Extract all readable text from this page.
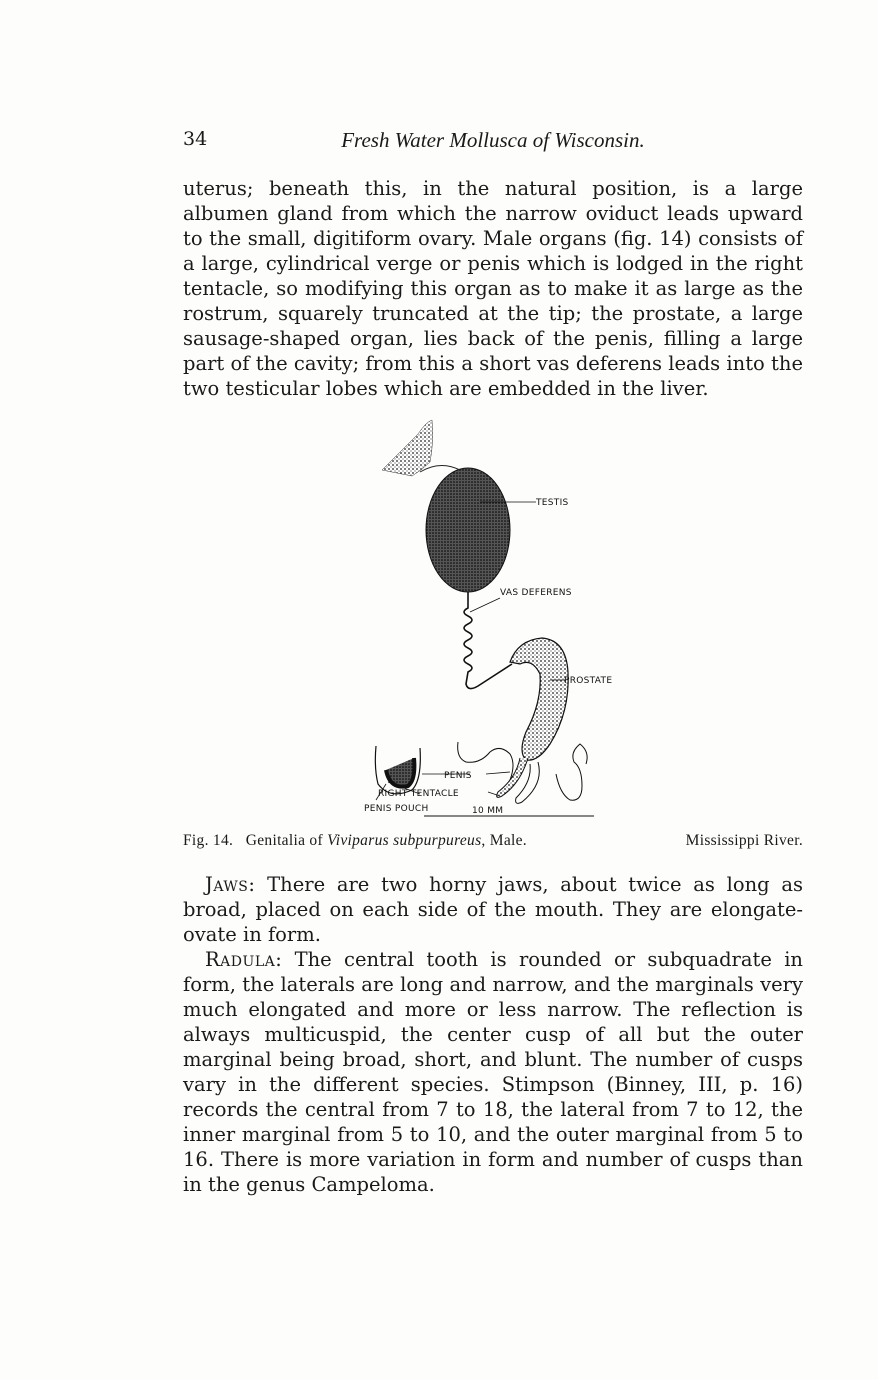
34	Fresh Water Mollusca of Wisconsin.

uterus; beneath this, in the natural position, is a large albumen gland from which the narrow oviduct leads upward to the small, digitiform ovary. Male organs (fig. 14) consists of a large, cylindrical verge or penis which is lodged in the right tentacle, so modifying this organ as to make it as large as the rostrum, squarely truncated at the tip; the prostate, a large sausage-shaped organ, lies back of the penis, filling a large part of the cavity; from this a short vas deferens leads into the two testicular lobes which are embedded in the liver.

TESTIS
VAS DEFERENS
PROSTATE
PENIS
RIGHT TENTACLE
PENIS POUCH	10 MM
Fig. 14. Genitalia of Viviparus subpurpureus, Male.	Mississippi River.

Jaws: There are two horny jaws, about twice as long as broad, placed on each side of the mouth. They are elongate-ovate in form.

Radula: The central tooth is rounded or subquadrate in form, the laterals are long and narrow, and the marginals very much elongated and more or less narrow. The reflection is always multicuspid, the center cusp of all but the outer marginal being broad, short, and blunt. The number of cusps vary in the different species. Stimpson (Binney, III, p. 16) records the central from 7 to 18, the lateral from 7 to 12, the inner marginal from 5 to 10, and the outer marginal from 5 to 16. There is more variation in form and number of cusps than in the genus Campeloma.
